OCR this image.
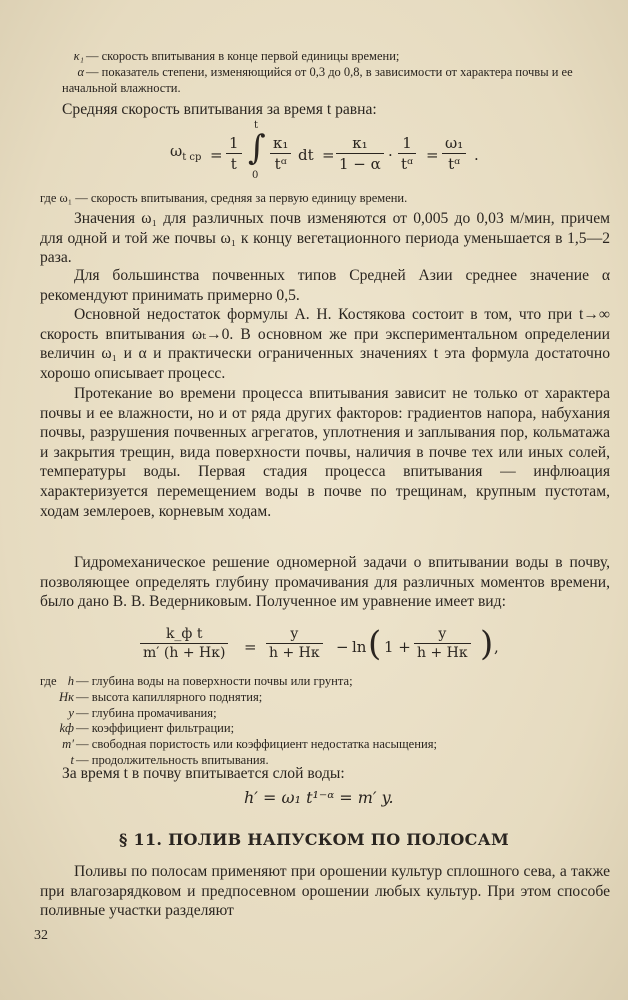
κ₁ — скорость впитывания в конце первой единицы времени;
α — показатель степени, изменяющийся от 0,3 до 0,8, в зависимости от характера почвы и ее начальной влажности.
Средняя скорость впитывания за время t равна:
$\omega_{t ср} = \frac{1}{t}$
t
∫
0
$\frac{\text{κ₁}}{\text{tᵅ}}$ dt = $\frac{\text{κ₁}}{1 - \alpha} \cdot \frac{1}{\text{tᵅ}} = \frac{\text{ω₁}}{\text{tᵅ}}$ .
где ω₁ — скорость впитывания, средняя за первую единицу времени.
Значения ω₁ для различных почв изменяются от 0,005 до 0,03 м/мин, причем для одной и той же почвы ω₁ к концу вегетационного периода уменьшается в 1,5—2 раза.
Для большинства почвенных типов Средней Азии среднее значение α рекомендуют принимать примерно 0,5.
Основной недостаток формулы А. Н. Костякова состоит в том, что при t→∞ скорость впитывания ωₜ→0. В основном же при экспериментальном определении величин ω₁ и α и практически ограниченных значениях t эта формула достаточно хорошо описывает процесс.
Протекание во времени процесса впитывания зависит не только от характера почвы и ее влажности, но и от ряда других факторов: градиентов напора, набухания почвы, разрушения почвенных агрегатов, уплотнения и заплывания пор, кольматажа и закрытия трещин, вида поверхности почвы, наличия в почве тех или иных солей, температуры воды. Первая стадия процесса впитывания — инфлюация характеризуется перемещением воды в почве по трещинам, крупным пустотам, ходам землероев, корневым ходам.
Гидромеханическое решение одномерной задачи о впитывании воды в почву, позволяющее определять глубину промачивания для различных моментов времени, было дано В. В. Ведерниковым. Полученное им уравнение имеет вид:
k_ф t
m′ (h + Hк) =
y
h + Hк − ln ( 1 +
y
h + Hк ) ,
где h — глубина воды на поверхности почвы или грунта;
Hк — высота капиллярного поднятия;
y — глубина промачивания;
kф — коэффициент фильтрации;
m′ — свободная пористость или коэффициент недостатка насыщения;
t — продолжительность впитывания.
За время t в почву впитывается слой воды:
h′ = ω₁ t¹⁻ᵅ = m′ y.
§ 11. ПОЛИВ НАПУСКОМ ПО ПОЛОСАМ
Поливы по полосам применяют при орошении культур сплошного сева, а также при влагозарядковом и предпосевном орошении любых культур. При этом способе поливные участки разделяют
32
